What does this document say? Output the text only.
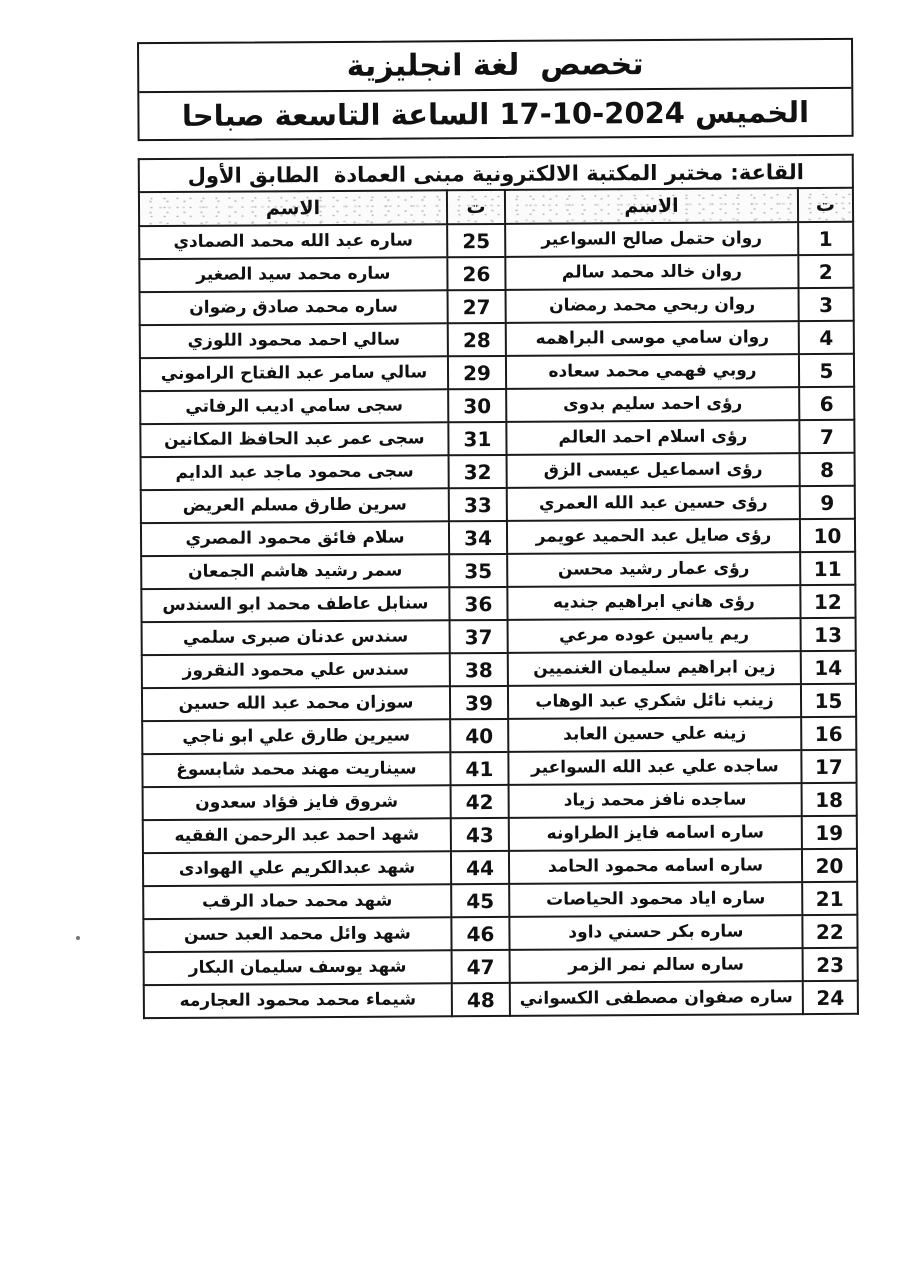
تخصص  لغة انجليزية
الخميس 2024-10-17 الساعة التاسعة صباحا
القاعة: مختبر المكتبة الالكترونية مبنى العمادة  الطابق الأول			
ت	الاسم	ت	الاسم
1	روان حتمل صالح السواعير	25	ساره عبد الله محمد الصمادي
2	روان خالد محمد سالم	26	ساره محمد سيد الصغير
3	روان ربحي محمد رمضان	27	ساره محمد صادق رضوان
4	روان سامي موسى البراهمه	28	سالي احمد محمود اللوزي
5	روبي فهمي محمد سعاده	29	سالي سامر عبد الفتاح الراموني
6	رؤى احمد سليم بدوى	30	سجى سامي اديب الرفاتي
7	رؤى اسلام احمد العالم	31	سجى عمر عبد الحافظ المكانين
8	رؤى اسماعيل عيسى الزق	32	سجى محمود ماجد عبد الدايم
9	رؤى حسين عبد الله العمري	33	سرين طارق مسلم العريض
10	رؤى صايل عبد الحميد عويمر	34	سلام فائق محمود المصري
11	رؤى عمار رشيد محسن	35	سمر رشيد هاشم الجمعان
12	رؤى هاني ابراهيم جنديه	36	سنابل عاطف محمد ابو السندس
13	ريم ياسين عوده مرعي	37	سندس عدنان صبرى سلمي
14	زين ابراهيم سليمان الغنميين	38	سندس علي محمود النقروز
15	زينب نائل شكري عبد الوهاب	39	سوزان محمد عبد الله حسين
16	زينه علي حسين العابد	40	سيرين طارق علي ابو ناجي
17	ساجده علي عبد الله السواعير	41	سيناريت مهند محمد شابسوغ
18	ساجده نافز محمد زياد	42	شروق فايز فؤاد سعدون
19	ساره اسامه فايز الطراونه	43	شهد احمد عبد الرحمن الفقيه
20	ساره اسامه محمود الحامد	44	شهد عبدالكريم علي الهوادى
21	ساره اياد محمود الحياصات	45	شهد محمد حماد الرقب
22	ساره بكر حسني داود	46	شهد وائل محمد العبد حسن
23	ساره سالم نمر الزمر	47	شهد يوسف سليمان البكار
24	ساره صفوان مصطفى الكسواني	48	شيماء محمد محمود العجارمه
